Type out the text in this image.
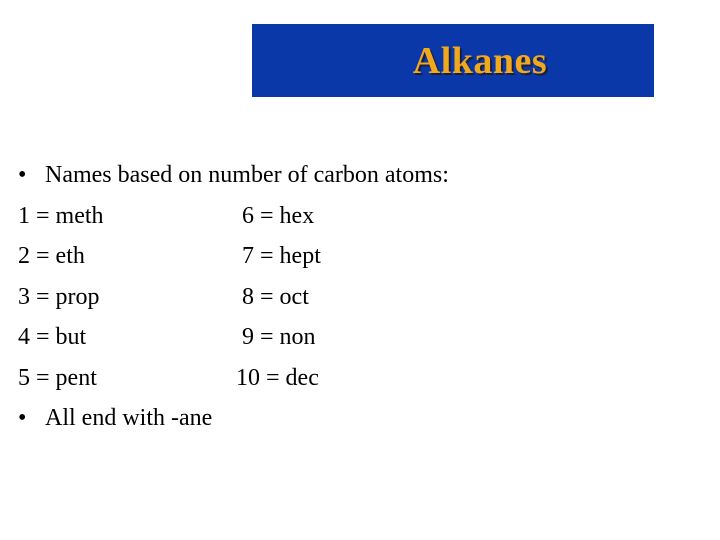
Alkanes
• Names based on number of carbon atoms:
1 = meth	6 = hex
2 = eth	7 = hept
3 = prop	8 = oct
4 = but	9 = non
5 = pent	10 = dec
• All end with -ane
